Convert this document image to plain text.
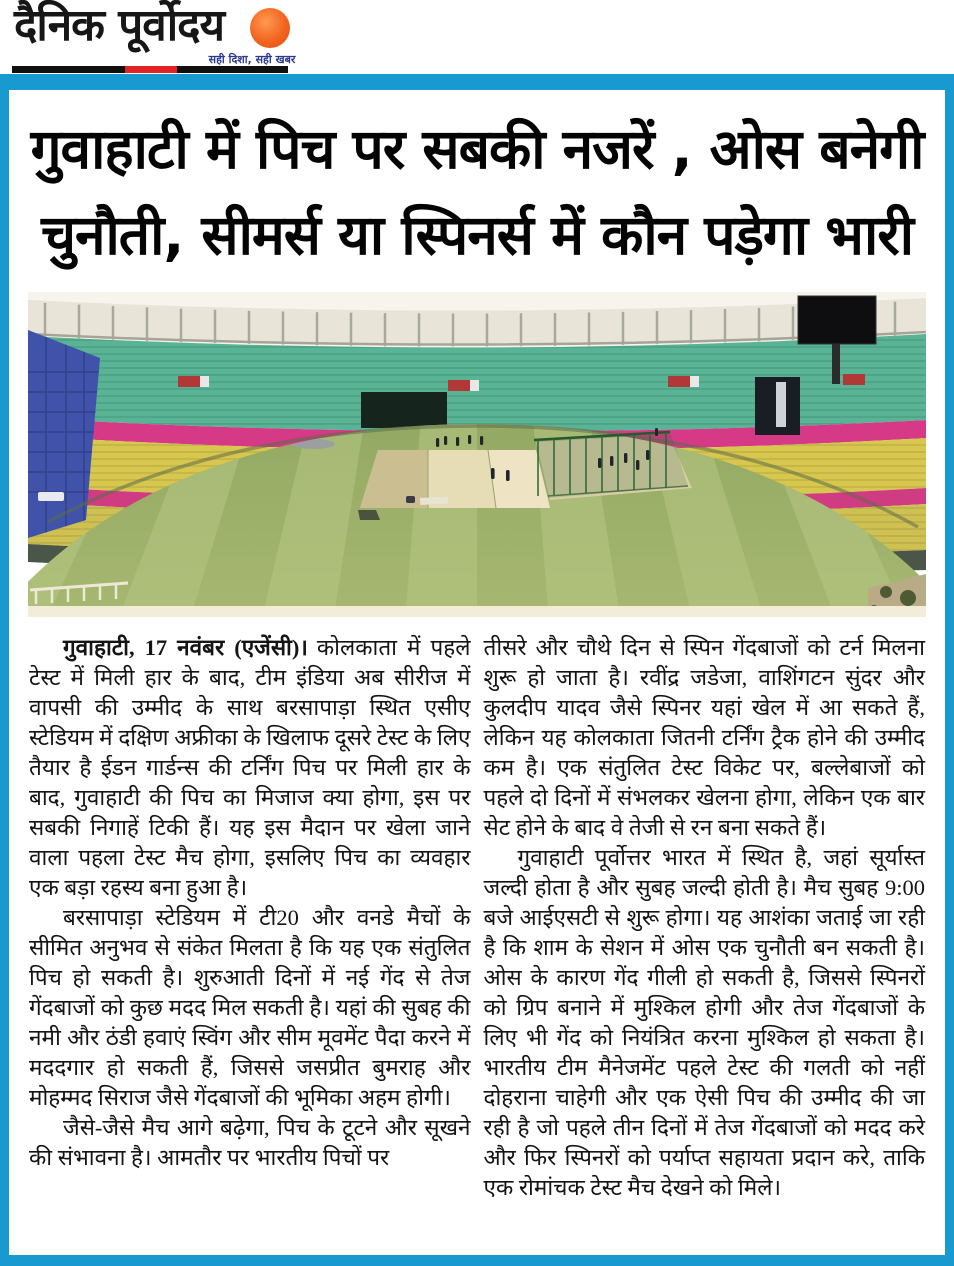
दैनिक पूर्वोदय
सही दिशा, सही खबर
गुवाहाटी में पिच पर सबकी नजरें , ओस बनेगी
चुनौती, सीमर्स या स्पिनर्स में कौन पड़ेगा भारी

गुवाहाटी, 17 नवंबर (एजेंसी)। कोलकाता में पहले टेस्ट में मिली हार के बाद, टीम इंडिया अब सीरीज में वापसी की उम्मीद के साथ बरसापाड़ा स्थित एसीए स्टेडियम में दक्षिण अफ्रीका के खिलाफ दूसरे टेस्ट के लिए तैयार है ईडन गार्डन्स की टर्निंग पिच पर मिली हार के बाद, गुवाहाटी की पिच का मिजाज क्या होगा, इस पर सबकी निगाहें टिकी हैं। यह इस मैदान पर खेला जाने वाला पहला टेस्ट मैच होगा, इसलिए पिच का व्यवहार एक बड़ा रहस्य बना हुआ है।

बरसापाड़ा स्टेडियम में टी20 और वनडे मैचों के सीमित अनुभव से संकेत मिलता है कि यह एक संतुलित पिच हो सकती है। शुरुआती दिनों में नई गेंद से तेज गेंदबाजों को कुछ मदद मिल सकती है। यहां की सुबह की नमी और ठंडी हवाएं स्विंग और सीम मूवमेंट पैदा करने में मददगार हो सकती हैं, जिससे जसप्रीत बुमराह और मोहम्मद सिराज जैसे गेंदबाजों की भूमिका अहम होगी।

जैसे-जैसे मैच आगे बढ़ेगा, पिच के टूटने और सूखने की संभावना है। आमतौर पर भारतीय पिचों पर

तीसरे और चौथे दिन से स्पिन गेंदबाजों को टर्न मिलना शुरू हो जाता है। रवींद्र जडेजा, वाशिंगटन सुंदर और कुलदीप यादव जैसे स्पिनर यहां खेल में आ सकते हैं, लेकिन यह कोलकाता जितनी टर्निंग ट्रैक होने की उम्मीद कम है। एक संतुलित टेस्ट विकेट पर, बल्लेबाजों को पहले दो दिनों में संभलकर खेलना होगा, लेकिन एक बार सेट होने के बाद वे तेजी से रन बना सकते हैं।

गुवाहाटी पूर्वोत्तर भारत में स्थित है, जहां सूर्यास्त जल्दी होता है और सुबह जल्दी होती है। मैच सुबह 9:00 बजे आईएसटी से शुरू होगा। यह आशंका जताई जा रही है कि शाम के सेशन में ओस एक चुनौती बन सकती है। ओस के कारण गेंद गीली हो सकती है, जिससे स्पिनरों को ग्रिप बनाने में मुश्किल होगी और तेज गेंदबाजों के लिए भी गेंद को नियंत्रित करना मुश्किल हो सकता है। भारतीय टीम मैनेजमेंट पहले टेस्ट की गलती को नहीं दोहराना चाहेगी और एक ऐसी पिच की उम्मीद की जा रही है जो पहले तीन दिनों में तेज गेंदबाजों को मदद करे और फिर स्पिनरों को पर्याप्त सहायता प्रदान करे, ताकि एक रोमांचक टेस्ट मैच देखने को मिले।
